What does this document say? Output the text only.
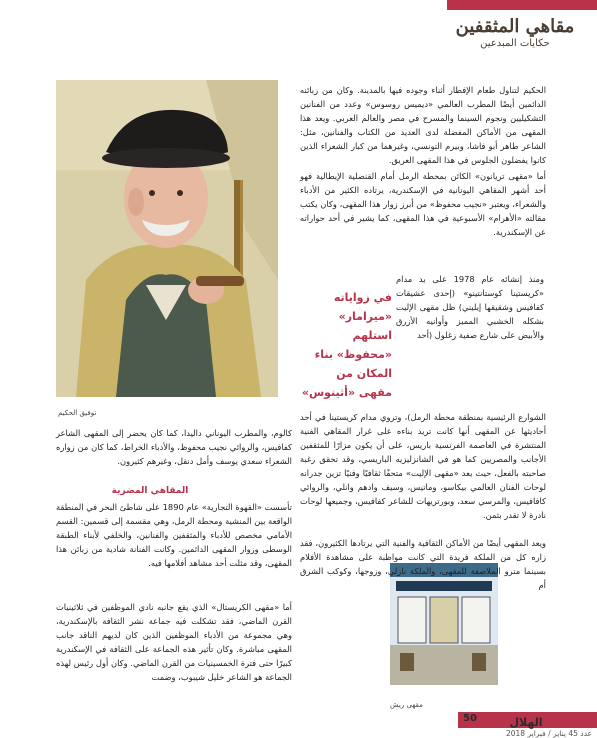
مقاهي المثقفين
حكايات المبدعين
توفيق الحكيم
مقهى ريش

الحكيم لتناول طعام الإفطار أثناء وجوده فيها بالمدينة. وكان من زبائنه الدائمين أيضًا المطرب العالمي «ديميس روسوس» وعدد من الفنانين التشكيليين ونجوم السينما والمسرح في مصر والعالم العربي. ويعد هذا المقهى من الأماكن المفضلة لدى العديد من الكتاب والفنانين، مثل: الشاعر طاهر أبو فاشا، وبيرم التونسي، وغيرهما من كبار الشعراء الذين كانوا يفضلون الجلوس في هذا المقهى العريق.

أما «مقهى تريانون» الكائن بمحطة الرمل أمام القنصلية الإيطالية فهو أحد أشهر المقاهي اليونانية في الإسكندرية، يرتاده الكثير من الأدباء والشعراء، ويعتبر «نجيب محفوظ» من أبرز زوار هذا المقهى، وكان يكتب مقالته «الأهرام» الأسبوعية في هذا المقهى، كما يشير في أحد حواراته عن الإسكندرية.

في زواياته «ميرامار» استلهم «محفوظ» بناء المكان من مقهى «أثينوس»

ومنذ إنشائه عام 1978 على يد مدام «كريستينا كوستانتينو» (إحدى عشيقات كفافيس وشقيقها إيليني) ظل مقهى الإليت بشكله الخشبي المميز وأوانيه الأزرق والأبيض على شارع صفية زغلول (أحد

الشوارع الرئيسية بمنطقة محطة الرمل)، وتروي مدام كريستينا في أحد أحاديثها عن المقهى أنها كانت تريد بناءه على غرار المقاهي الفنية المنتشرة في العاصمة الفرنسية باريس، على أن يكون مزارًا للمثقفين الأجانب والمصريين كما هو في الشانزليزيه الباريسي، وقد تحقق رغبة صاحبته بالفعل، حيث يعد «مقهى الإليت» متحفًا ثقافيًا وفنيًا تزين جدرانه لوحات الفنان العالمي بيكاسو، وماتيس، وسيف وادهم وانلي، والروائي كافافيس، والمرسي سعد، وبورتريهات للشاعر كفافيس، وجميعها لوحات نادرة لا تقدر بثمن.

ويعد المقهى أيضًا من الأماكن الثقافية والفنية التي يرتادها الكثيرون، فقد زاره كل من الملكة فريدة التي كانت مواظبة على مشاهدة الأفلام بسينما مترو الملاصقة للمقهى، والملكة نازلي، وزوجها، وكوكب الشرق أم

كالوم، والمطرب اليوناني داليدا، كما كان يحضر إلى المقهى الشاعر كفافيس، والروائي نجيب محفوظ، والأدباء الخراط، كما كان من زواره الشعراء سعدي يوسف وأمل دنقل، وغيرهم كثيرون.

المقاهي المضرية

تأسست «القهوة التجارية» عام 1890 على شاطئ البحر في المنطقة الواقعة بين المنشية ومحطة الرمل، وهي مقسمة إلى قسمين: القسم الأمامي مخصص للأدباء والمثقفين والفنانين، والخلفي لأبناء الطبقة الوسطى وزوار المقهى الدائمين. وكانت الفنانة شادية من زبائن هذا المقهى، وقد مثلت أحد مشاهد أفلامها فيه.

أما «مقهى الكريستال» الذي يقع جانبه نادي الموظفين في ثلاثينيات القرن الماضي، فقد تشكلت فيه جماعة نشر الثقافة بالإسكندرية، وهي مجموعة من الأدباء الموظفين الذين كان لديهم الناقد جانب المقهى مباشرة. وكان تأثير هذه الجماعة على الثقافة في الإسكندرية كبيرًا حتى فترة الخمسينيات من القرن الماضي. وكان أول رئيس لهذه الجماعة هو الشاعر خليل شيبوب، وضمت

50	الهلال
عدد 45 يناير / فبراير 2018
